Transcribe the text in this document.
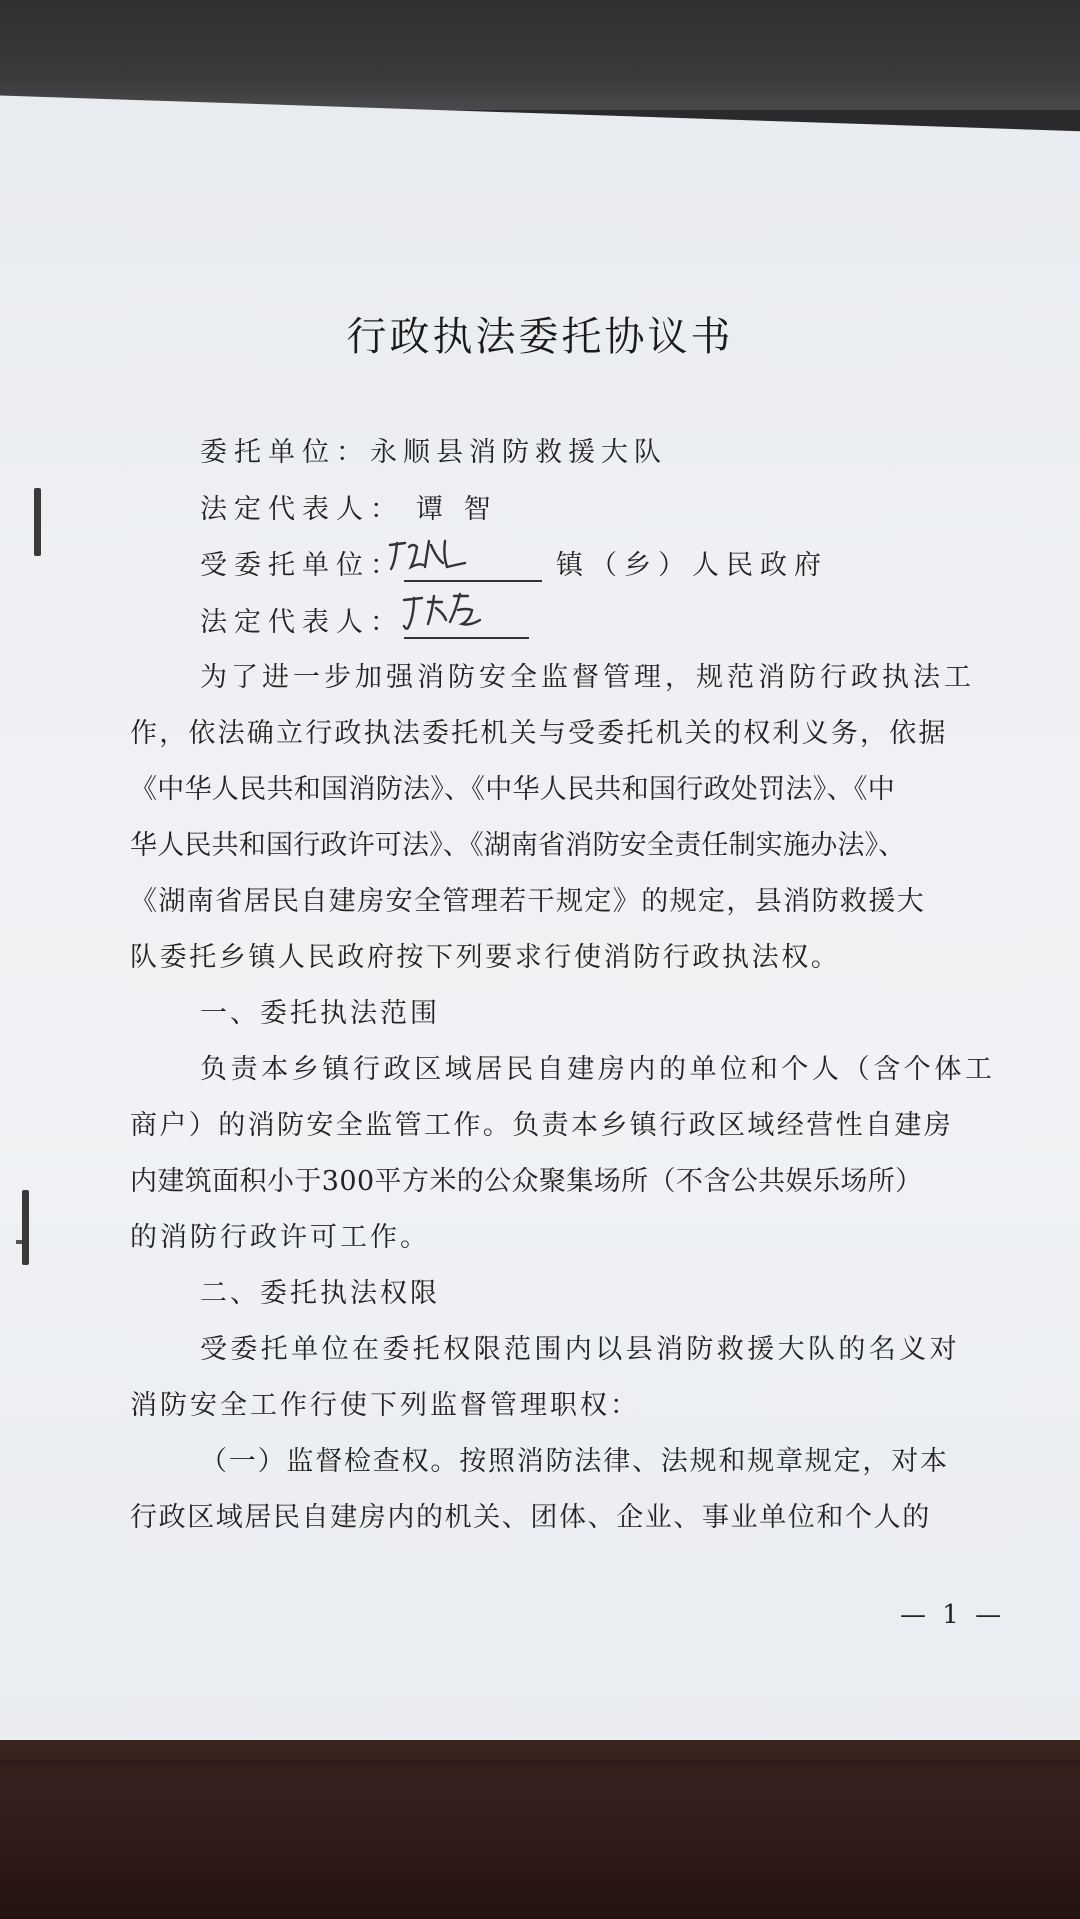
行政执法委托协议书
委托单位：永顺县消防救援大队
法定代表人： 谭 智
受委托单位：	镇（乡）人民政府
法定代表人：
为了进一步加强消防安全监督管理，规范消防行政执法工
作，依法确立行政执法委托机关与受委托机关的权利义务，依据
《中华人民共和国消防法》、《中华人民共和国行政处罚法》、《中
华人民共和国行政许可法》、《湖南省消防安全责任制实施办法》、
《湖南省居民自建房安全管理若干规定》的规定，县消防救援大
队委托乡镇人民政府按下列要求行使消防行政执法权。
一、委托执法范围
负责本乡镇行政区域居民自建房内的单位和个人（含个体工
商户）的消防安全监管工作。负责本乡镇行政区域经营性自建房
内建筑面积小于300平方米的公众聚集场所（不含公共娱乐场所）
的消防行政许可工作。
二、委托执法权限
受委托单位在委托权限范围内以县消防救援大队的名义对
消防安全工作行使下列监督管理职权：
（一）监督检查权。按照消防法律、法规和规章规定，对本
行政区域居民自建房内的机关、团体、企业、事业单位和个人的
— 1 —
